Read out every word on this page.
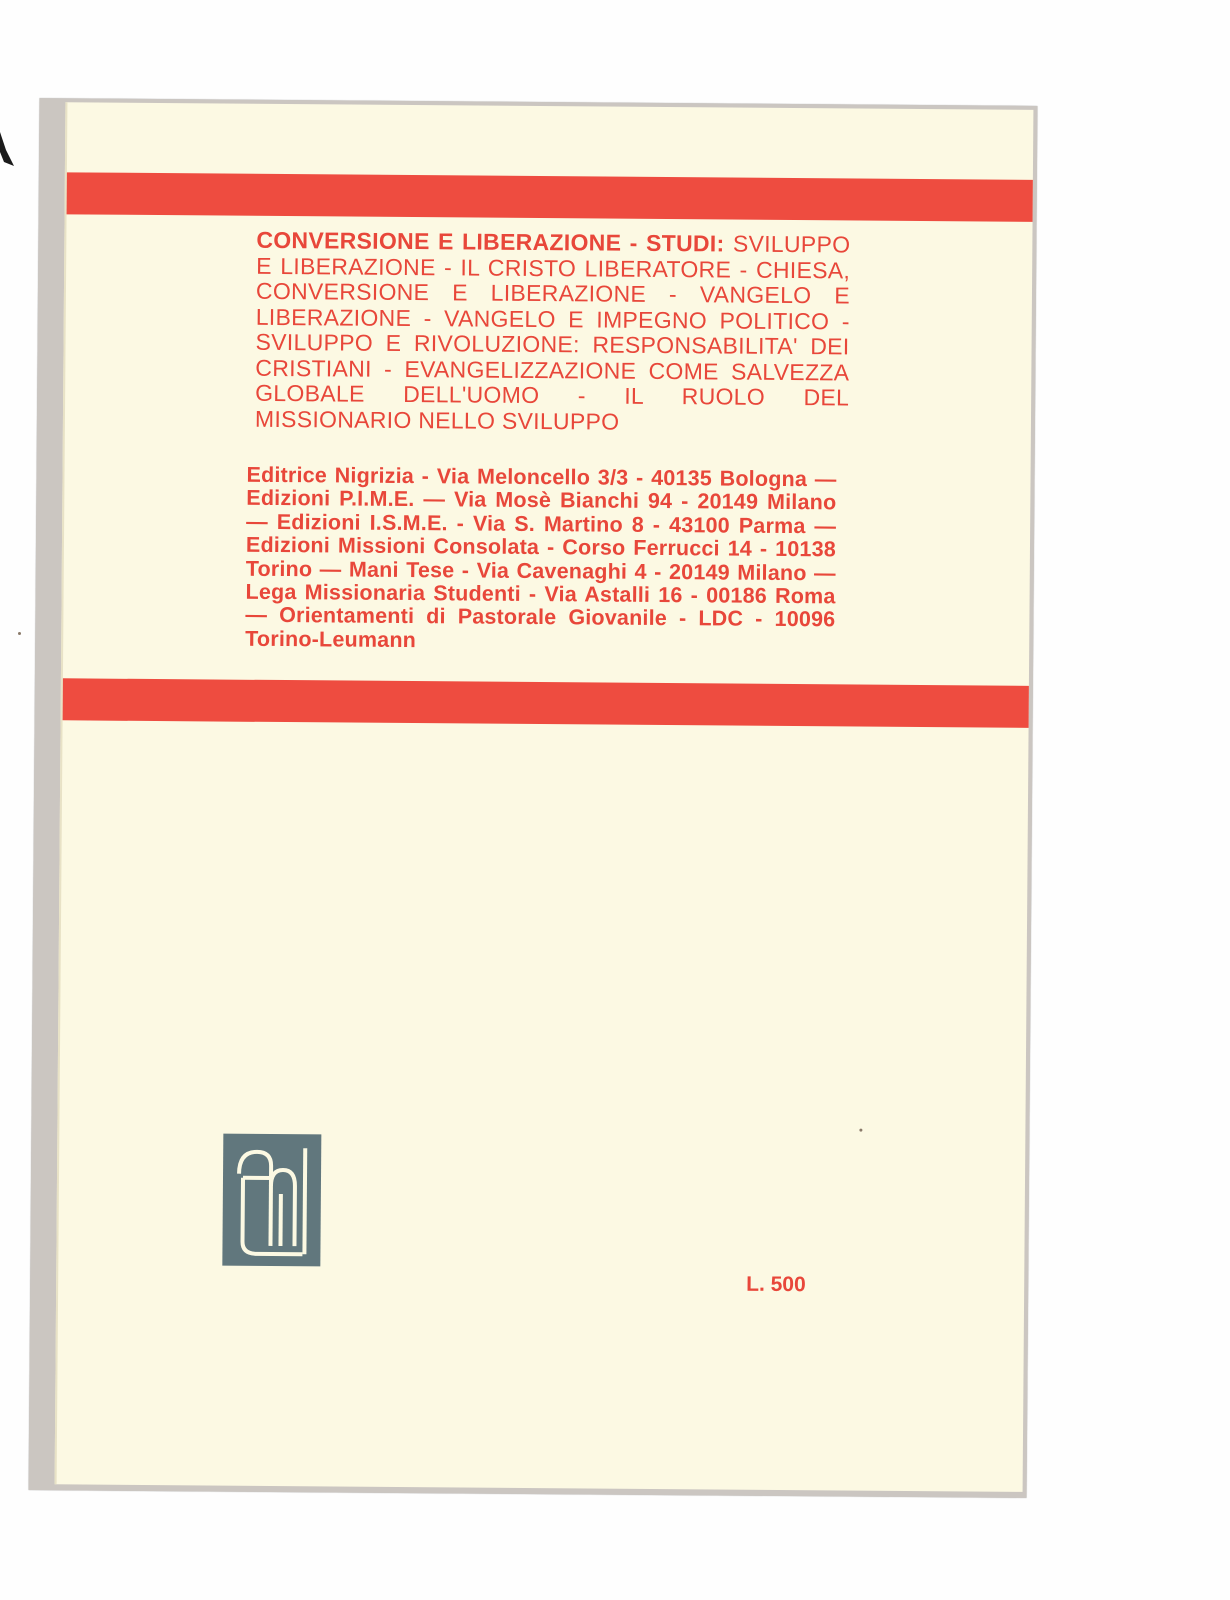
CONVERSIONE E LIBERAZIONE - STUDI: SVILUPPO E LIBERAZIONE - IL CRISTO LIBERATORE - CHIESA, CONVERSIONE E LIBERAZIONE - VANGELO E LIBERAZIONE - VANGELO E IMPEGNO POLITICO - SVILUPPO E RIVOLUZIONE: RESPONSABILITA' DEI CRISTIANI - EVANGELIZZAZIONE COME SALVEZZA GLOBALE DELL'UOMO - IL RUOLO DEL MISSIONARIO NELLO SVILUPPO
Editrice Nigrizia - Via Meloncello 3/3 - 40135 Bologna — Edizioni P.I.M.E. — Via Mosè Bianchi 94 - 20149 Milano — Edizioni I.S.M.E. - Via S. Martino 8 - 43100 Parma — Edizioni Missioni Consolata - Corso Ferrucci 14 - 10138 Torino — Mani Tese - Via Cavenaghi 4 - 20149 Milano — Lega Missionaria Studenti - Via Astalli 16 - 00186 Roma — Orientamenti di Pastorale Giovanile - LDC - 10096 Torino-Leumann
L. 500
